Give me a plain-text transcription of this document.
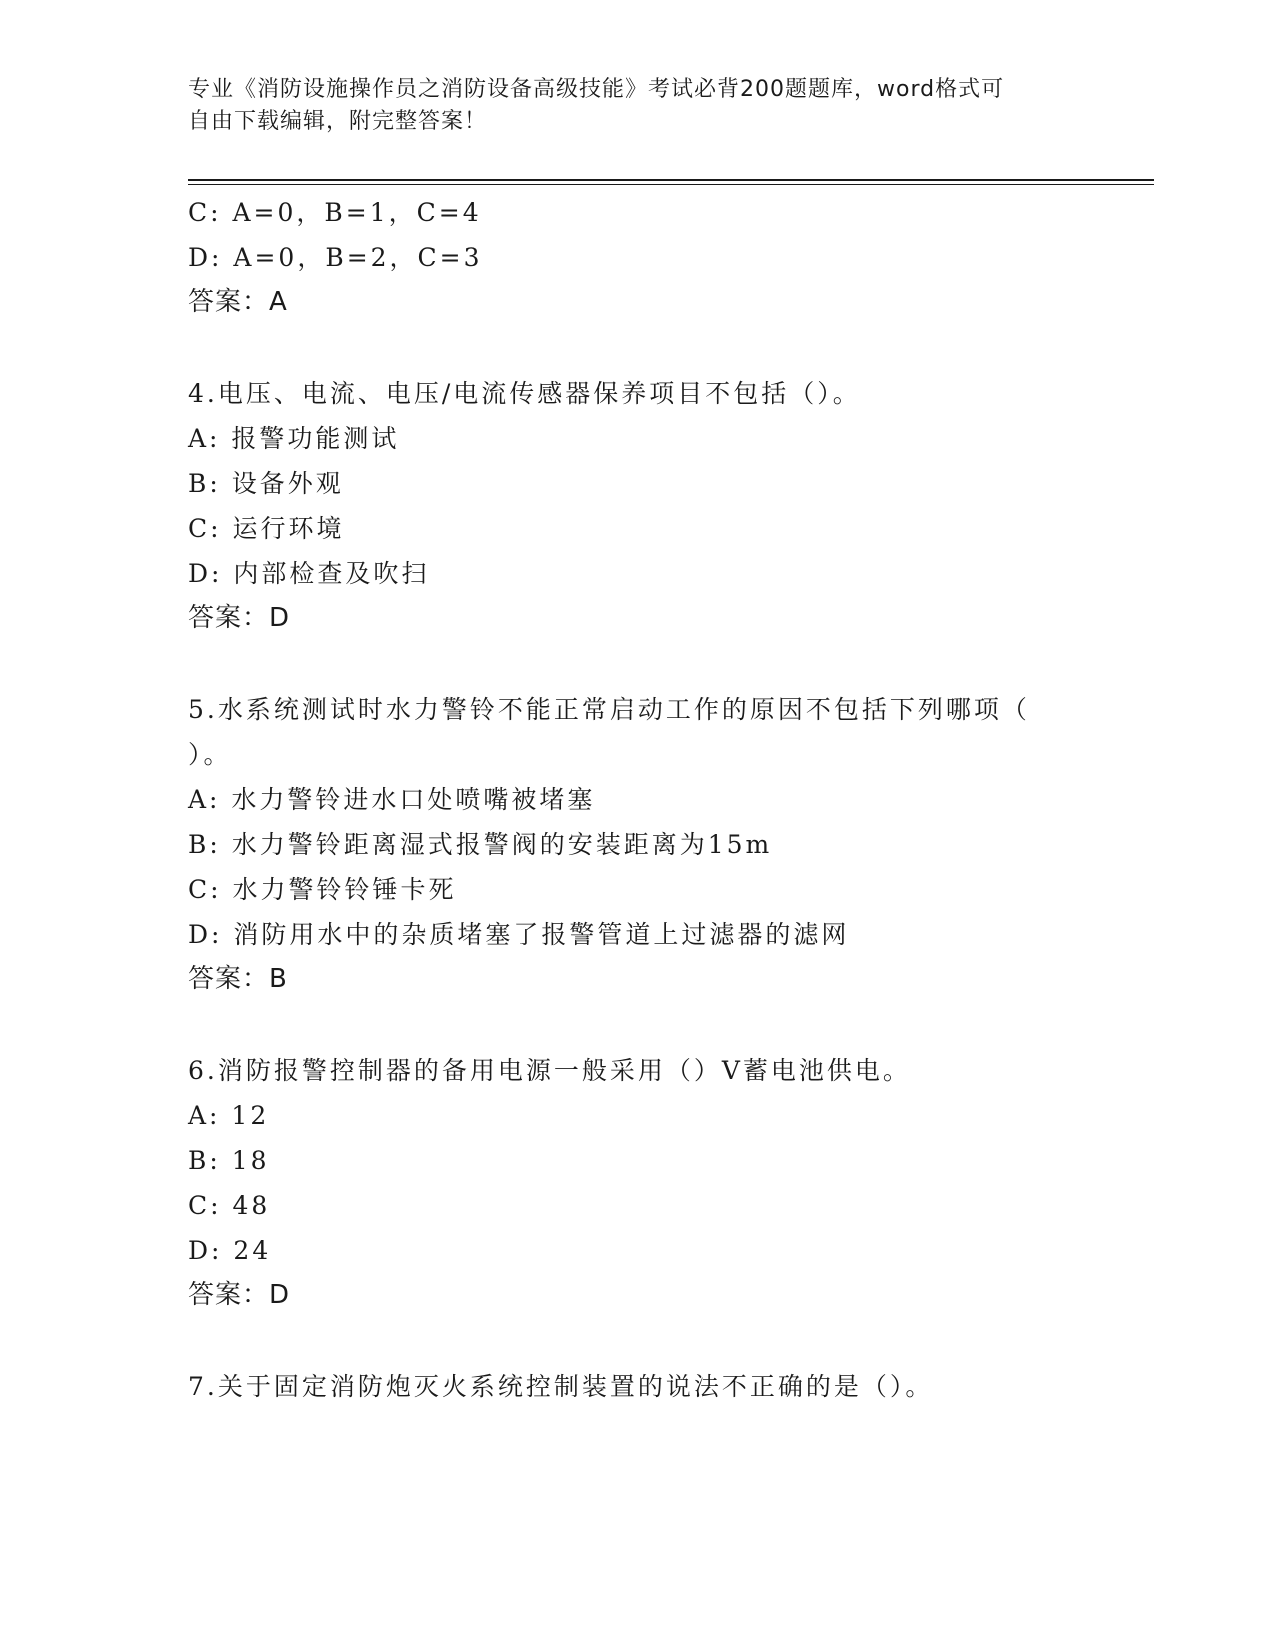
专业《消防设施操作员之消防设备高级技能》考试必背200题题库，word格式可
自由下载编辑，附完整答案！
C: A=0，B=1，C=4
D: A=0，B=2，C=3
答案：A
4.电压、电流、电压/电流传感器保养项目不包括（）。
A: 报警功能测试
B: 设备外观
C: 运行环境
D: 内部检查及吹扫
答案：D
5.水系统测试时水力警铃不能正常启动工作的原因不包括下列哪项（
）。
A: 水力警铃进水口处喷嘴被堵塞
B: 水力警铃距离湿式报警阀的安装距离为15m
C: 水力警铃铃锤卡死
D: 消防用水中的杂质堵塞了报警管道上过滤器的滤网
答案：B
6.消防报警控制器的备用电源一般采用（）V蓄电池供电。
A: 12
B: 18
C: 48
D: 24
答案：D
7.关于固定消防炮灭火系统控制装置的说法不正确的是（）。
